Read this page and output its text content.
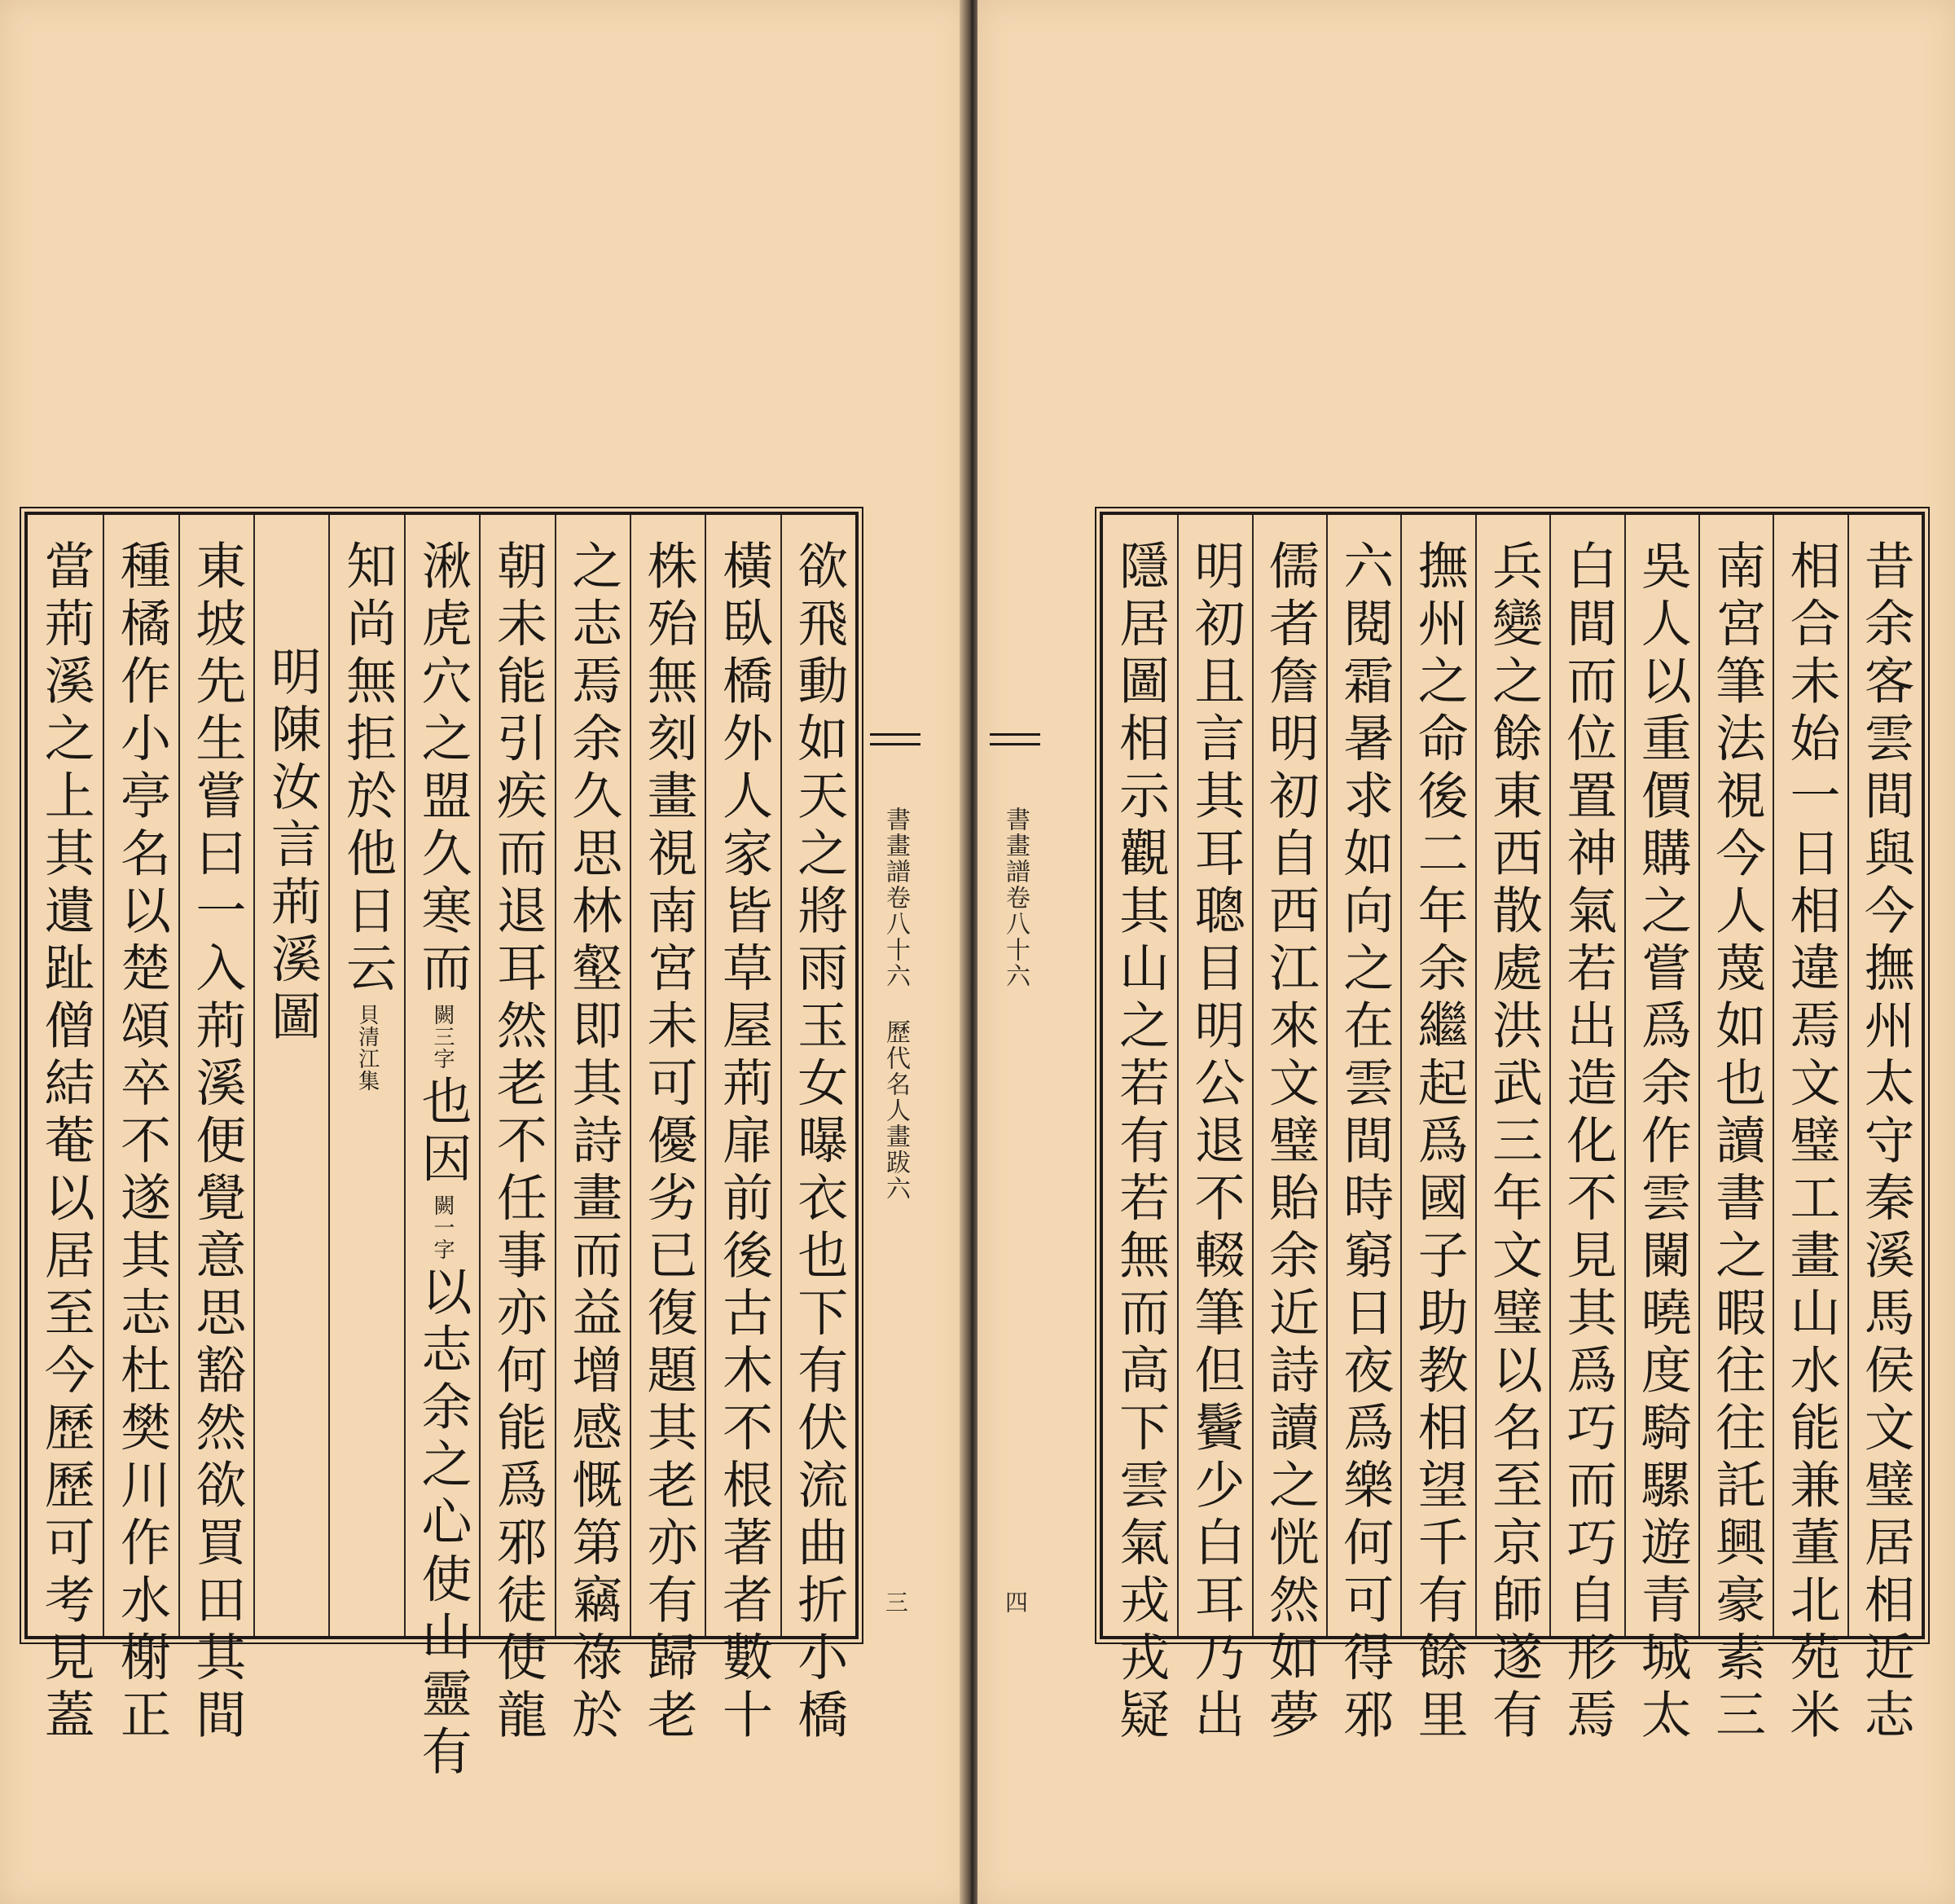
欲飛動如天之將雨玉女曝衣也下有伏流曲折小橋
橫臥橋外人家皆草屋荊扉前後古木不根著者數十
株殆無刻畫視南宮未可優劣已復題其老亦有歸老
之志焉余久思林壑即其詩畫而益增感慨第竊祿於
朝未能引疾而退耳然老不任事亦何能爲邪徒使龍
湫虎穴之盟久寒而闕三字也因闕一字以志余之心使山靈有
知尚無拒於他日云貝清江集
明陳汝言荊溪圖
東坡先生嘗曰一入荊溪便覺意思豁然欲買田其間
種橘作小亭名以楚頌卒不遂其志杜樊川作水榭正
當荊溪之上其遺趾僧結菴以居至今歷歷可考見蓋	書畫譜卷八十六 歷代名人畫跋六
三
書畫譜卷八十六
四	昔余客雲間與今撫州太守秦溪馬侯文璧居相近志
相合未始一日相違焉文璧工畫山水能兼董北苑米
南宮筆法視今人蔑如也讀書之暇往往託興豪素三
吳人以重價購之嘗爲余作雲闌曉度騎騾遊青城太
白間而位置神氣若出造化不見其爲巧而巧自形焉
兵變之餘東西散處洪武三年文璧以名至京師遂有
撫州之命後二年余繼起爲國子助教相望千有餘里
六閱霜暑求如向之在雲間時窮日夜爲樂何可得邪
儒者詹明初自西江來文璧貽余近詩讀之恍然如夢
明初且言其耳聰目明公退不輟筆但鬢少白耳乃出
隱居圖相示觀其山之若有若無而高下雲氣戎戎疑
